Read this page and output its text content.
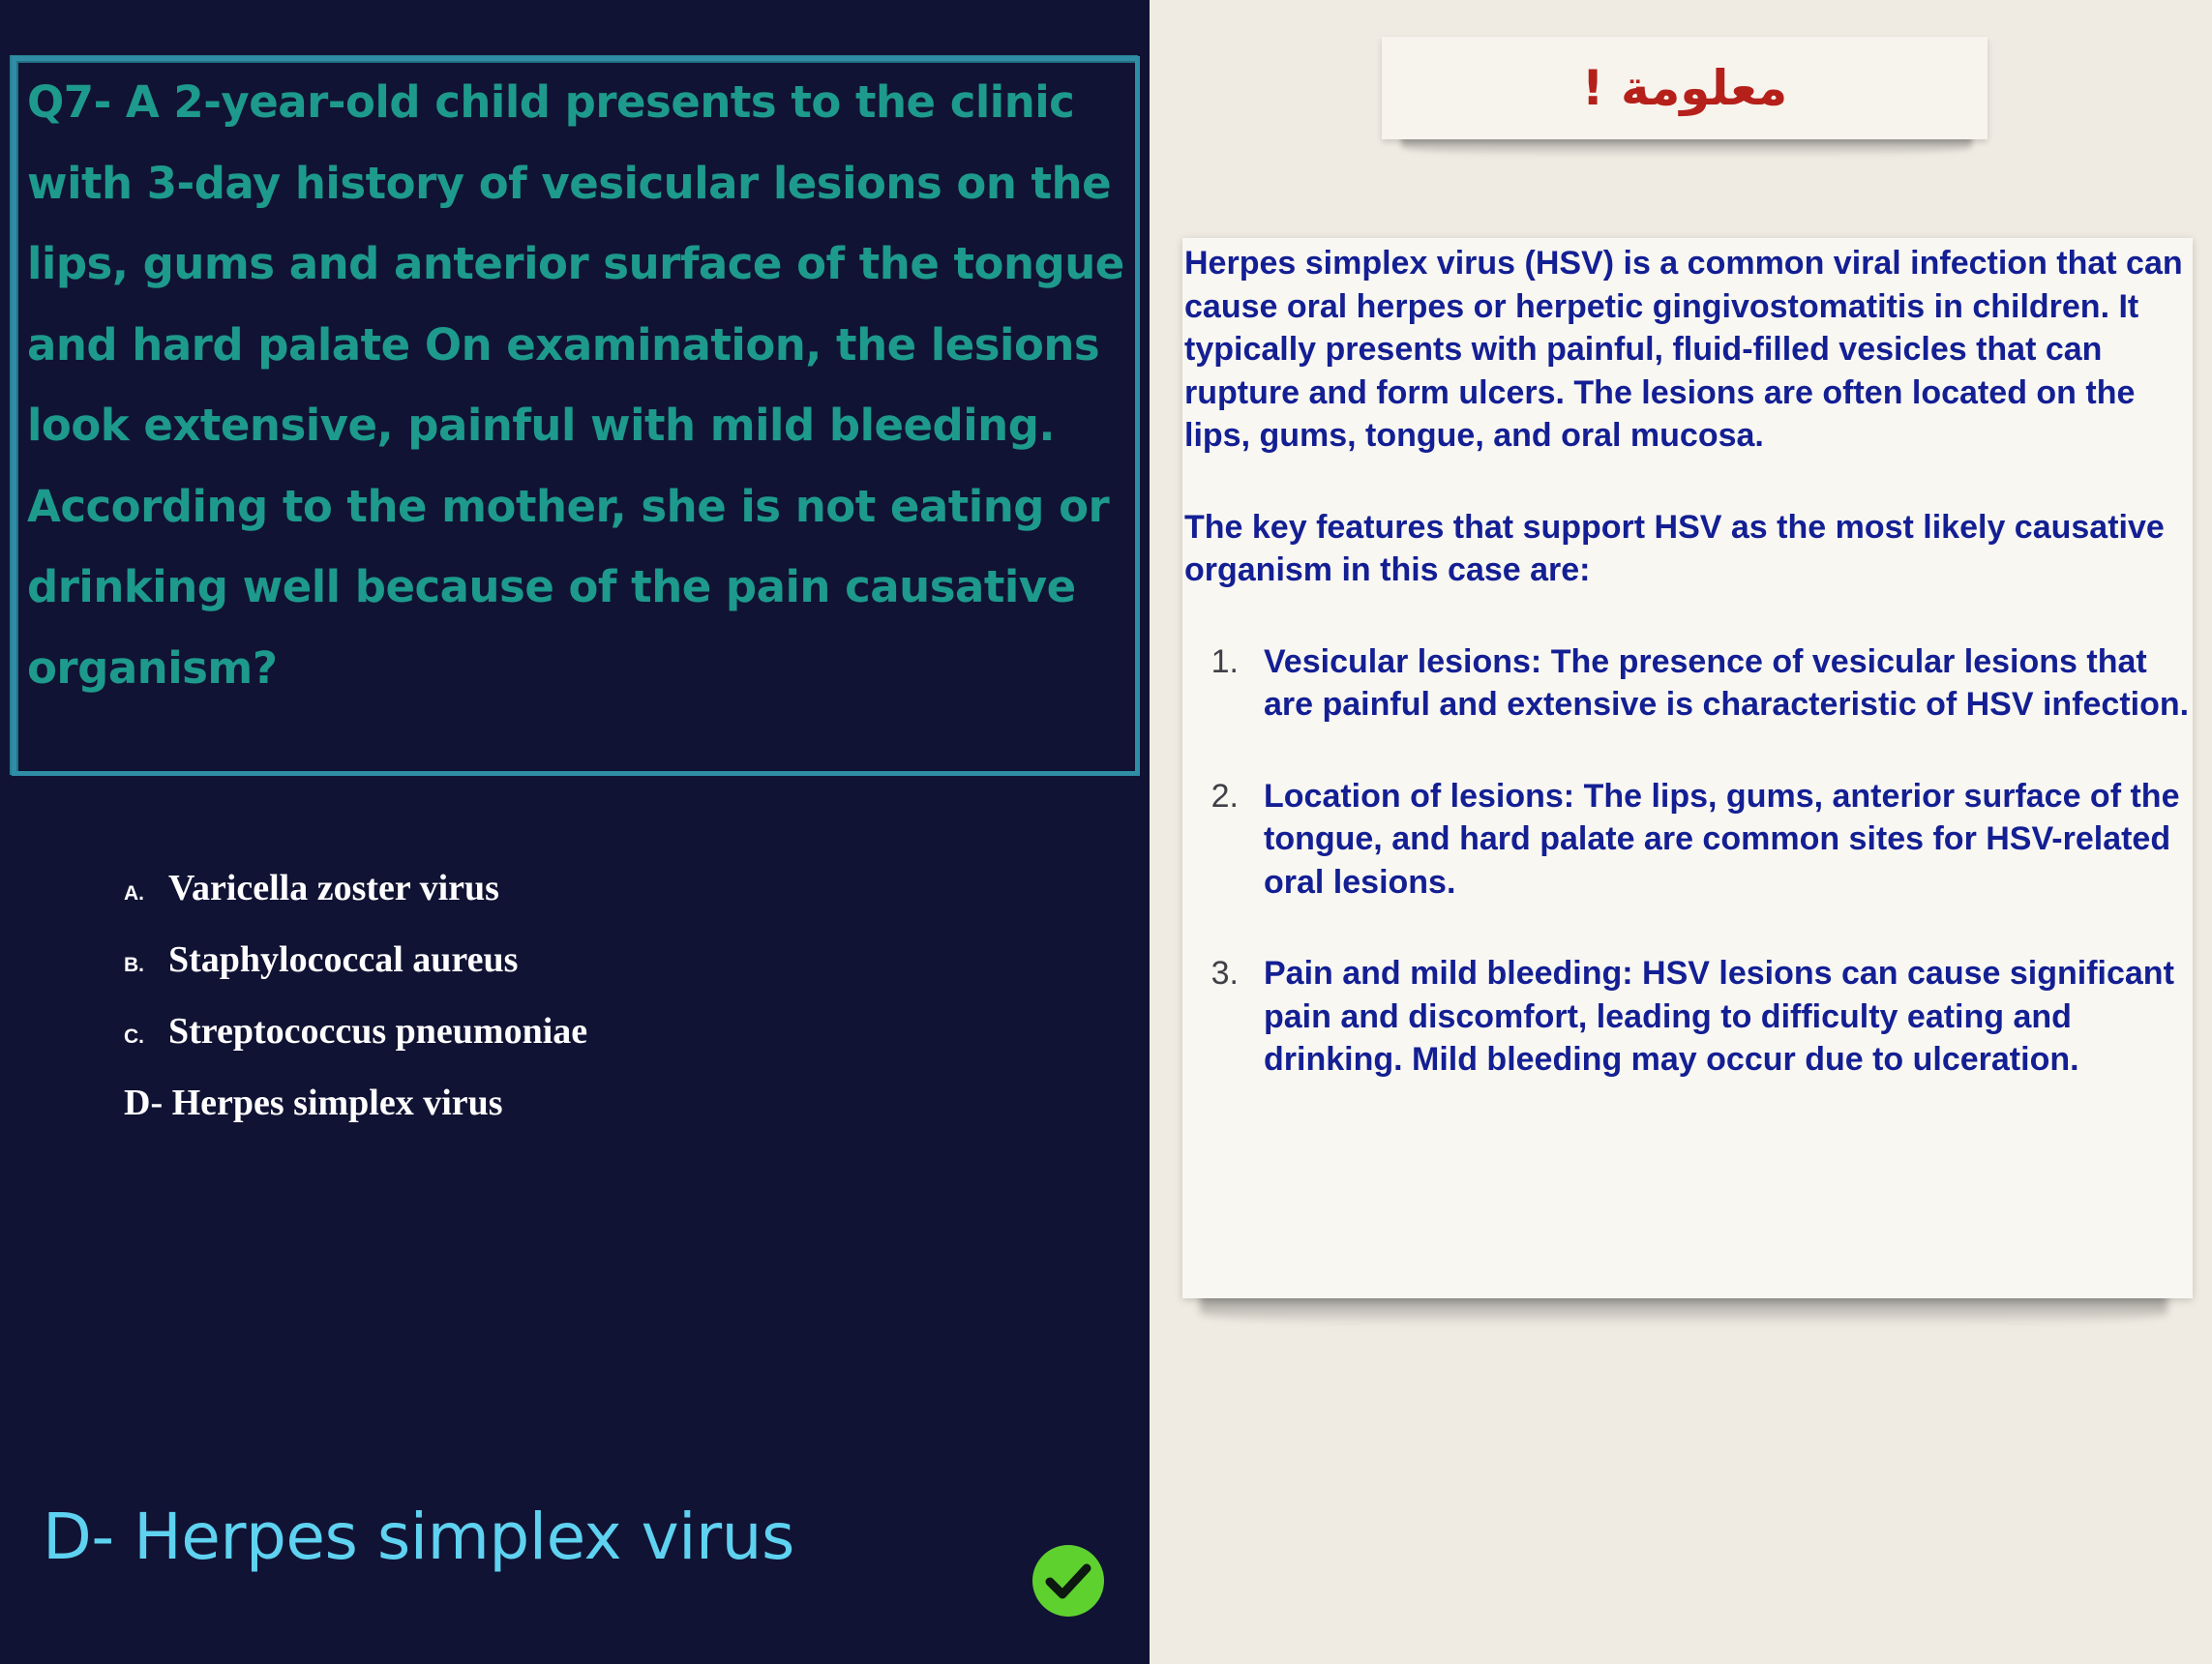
Q7- A 2-year-old child presents to the clinic with 3-day history of vesicular lesions on the lips, gums and anterior surface of the tongue and hard palate On examination, the lesions look extensive, painful with mild bleeding. According to the mother, she is not eating or drinking well because of the pain causative organism?

A. Varicella zoster virus
B. Staphylococcal aureus
C. Streptococcus pneumoniae
D- Herpes simplex virus

D- Herpes simplex virus

معلومة !

Herpes simplex virus (HSV) is a common viral infection that can cause oral herpes or herpetic gingivostomatitis in children. It typically presents with painful, fluid-filled vesicles that can rupture and form ulcers. The lesions are often located on the lips, gums, tongue, and oral mucosa.

The key features that support HSV as the most likely causative organism in this case are:

1. Vesicular lesions: The presence of vesicular lesions that are painful and extensive is characteristic of HSV infection.
2. Location of lesions: The lips, gums, anterior surface of the tongue, and hard palate are common sites for HSV-related oral lesions.
3. Pain and mild bleeding: HSV lesions can cause significant pain and discomfort, leading to difficulty eating and drinking. Mild bleeding may occur due to ulceration.
